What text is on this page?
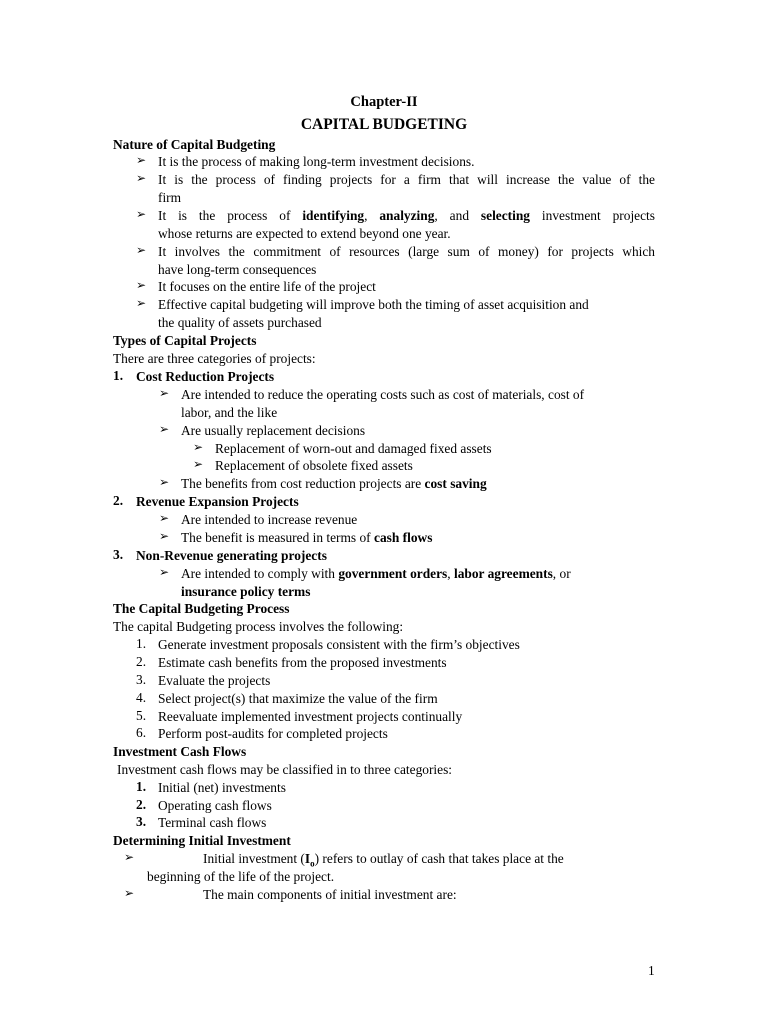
Chapter-II
CAPITAL BUDGETING
Nature of Capital Budgeting
➢ It is the process of making long-term investment decisions.
➢ It is the process of finding projects for a firm that will increase the value of the
firm
➢ It is the process of identifying, analyzing, and selecting investment projects
whose returns are expected to extend beyond one year.
➢ It involves the commitment of resources (large sum of money) for projects which
have long-term consequences
➢ It focuses on the entire life of the project
➢ Effective capital budgeting will improve both the timing of asset acquisition and
the quality of assets purchased
Types of Capital Projects
There are three categories of projects:
1. Cost Reduction Projects
➢ Are intended to reduce the operating costs such as cost of materials, cost of
labor, and the like
➢ Are usually replacement decisions
➢ Replacement of worn-out and damaged fixed assets
➢ Replacement of obsolete fixed assets
➢ The benefits from cost reduction projects are cost saving
2. Revenue Expansion Projects
➢ Are intended to increase revenue
➢ The benefit is measured in terms of cash flows
3. Non-Revenue generating projects
➢ Are intended to comply with government orders, labor agreements, or
insurance policy terms
The Capital Budgeting Process
The capital Budgeting process involves the following:
1. Generate investment proposals consistent with the firm’s objectives
2. Estimate cash benefits from the proposed investments
3. Evaluate the projects
4. Select project(s) that maximize the value of the firm
5. Reevaluate implemented investment projects continually
6. Perform post-audits for completed projects
Investment Cash Flows
Investment cash flows may be classified in to three categories:
1. Initial (net) investments
2. Operating cash flows
3. Terminal cash flows
Determining Initial Investment
➢	Initial investment $(I_o)$ refers to outlay of cash that takes place at the
beginning of the life of the project.
➢	The main components of initial investment are:
1
